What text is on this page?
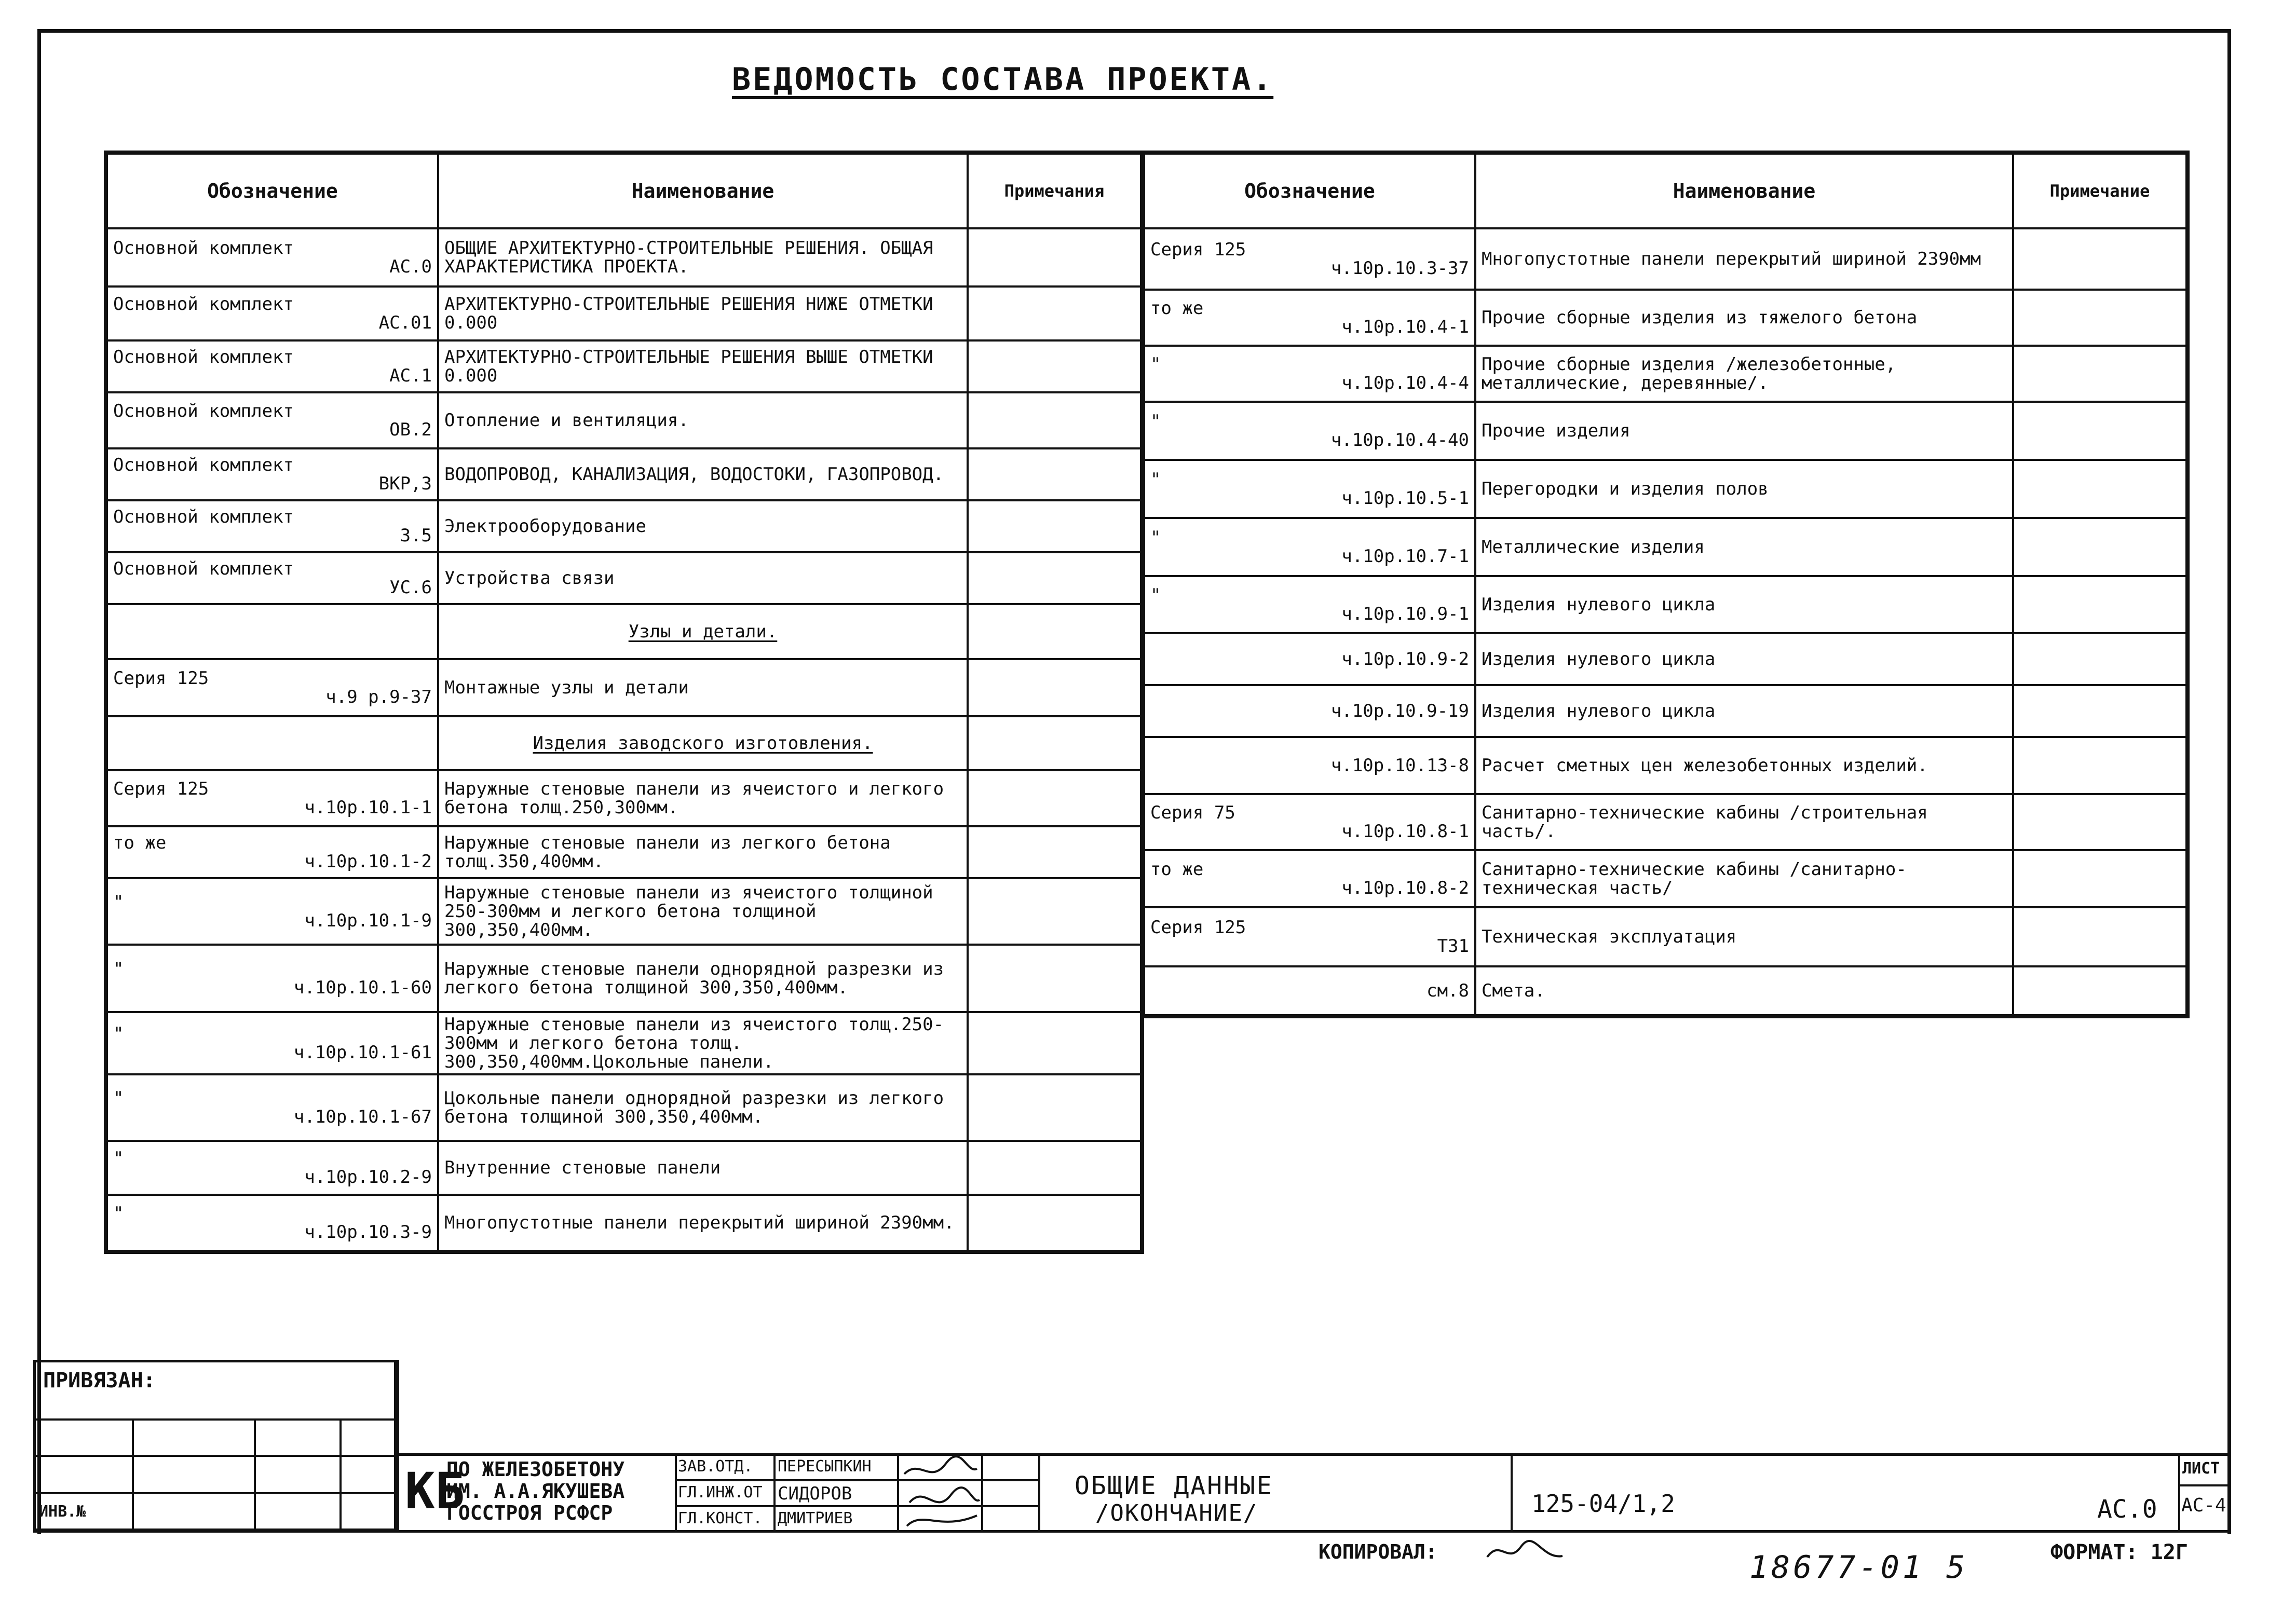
ВЕДОМОСТЬ СОСТАВА ПРОЕКТА.
Обозначение	Наименование	Примечания

Основной комплект
АС.0	ОБЩИЕ АРХИТЕКТУРНО-СТРОИТЕЛЬНЫЕ РЕШЕНИЯ. ОБЩАЯ ХАРАКТЕРИСТИКА ПРОЕКТА.	

Основной комплект
АС.01	АРХИТЕКТУРНО-СТРОИТЕЛЬНЫЕ РЕШЕНИЯ НИЖЕ ОТМЕТКИ 0.000	

Основной комплект
АС.1	АРХИТЕКТУРНО-СТРОИТЕЛЬНЫЕ РЕШЕНИЯ ВЫШЕ ОТМЕТКИ 0.000	

Основной комплект
ОВ.2	Отопление и вентиляция.	

Основной комплект
ВКР,3	ВОДОПРОВОД, КАНАЛИЗАЦИЯ, ВОДОСТОКИ, ГАЗОПРОВОД.	

Основной комплект
3.5	Электрооборудование	

Основной комплект
УС.6	Устройства связи	

	Узлы и детали.	

Серия 125
ч.9 р.9-37	Монтажные узлы и детали	

	Изделия заводского изготовления.	

Серия 125
ч.10р.10.1-1	Наружные стеновые панели из ячеистого и легкого бетона толщ.250,300мм.	

то же
ч.10р.10.1-2	Наружные стеновые панели из легкого бетона толщ.350,400мм.	

"
ч.10р.10.1-9	Наружные стеновые панели из ячеистого толщиной 250-300мм и легкого бетона толщиной 300,350,400мм.	

"
ч.10р.10.1-60	Наружные стеновые панели однорядной разрезки из легкого бетона толщиной 300,350,400мм.	

"
ч.10р.10.1-61	Наружные стеновые панели из ячеистого толщ.250-300мм и легкого бетона толщ. 300,350,400мм.Цокольные панели.	

"
ч.10р.10.1-67	Цокольные панели однорядной разрезки из легкого бетона толщиной 300,350,400мм.	

"
ч.10р.10.2-9	Внутренние стеновые панели	

"
ч.10р.10.3-9	Многопустотные панели перекрытий шириной 2390мм.	
Обозначение	Наименование	Примечание

Серия 125
ч.10р.10.3-37	Многопустотные панели перекрытий шириной 2390мм	

то же
ч.10р.10.4-1	Прочие сборные изделия из тяжелого бетона	

"
ч.10р.10.4-4	Прочие сборные изделия /железобетонные, металлические, деревянные/.	

"
ч.10р.10.4-40	Прочие изделия	

"
ч.10р.10.5-1	Перегородки и изделия полов	

"
ч.10р.10.7-1	Металлические изделия	

"
ч.10р.10.9-1	Изделия нулевого цикла	

ч.10р.10.9-2	Изделия нулевого цикла	

ч.10р.10.9-19	Изделия нулевого цикла	

ч.10р.10.13-8	Расчет сметных цен железобетонных изделий.	

Серия 75
ч.10р.10.8-1	Санитарно-технические кабины /строительная часть/.	

то же
ч.10р.10.8-2	Санитарно-технические кабины /санитарно-техническая часть/	

Серия 125
Т31	Техническая эксплуатация	

см.8	Смета.	
ПРИВЯЗАН:
ИНВ.№	КБ
ПО ЖЕЛЕЗОБЕТОНУ
ИМ. А.А.ЯКУШЕВА
ГОССТРОЯ РСФСР
ЗАВ.ОТД.
ГЛ.ИНЖ.ОТ
ГЛ.КОНСТ.
ПЕРЕСЫПКИН
СИДОРОВ
ДМИТРИЕВ
ОБЩИЕ ДАННЫЕ
/ОКОНЧАНИЕ/	125-04/1,2	АС.0
ЛИСТ
АС-4
КОПИРОВАЛ:	18677-01 5	ФОРМАТ: 12Г
